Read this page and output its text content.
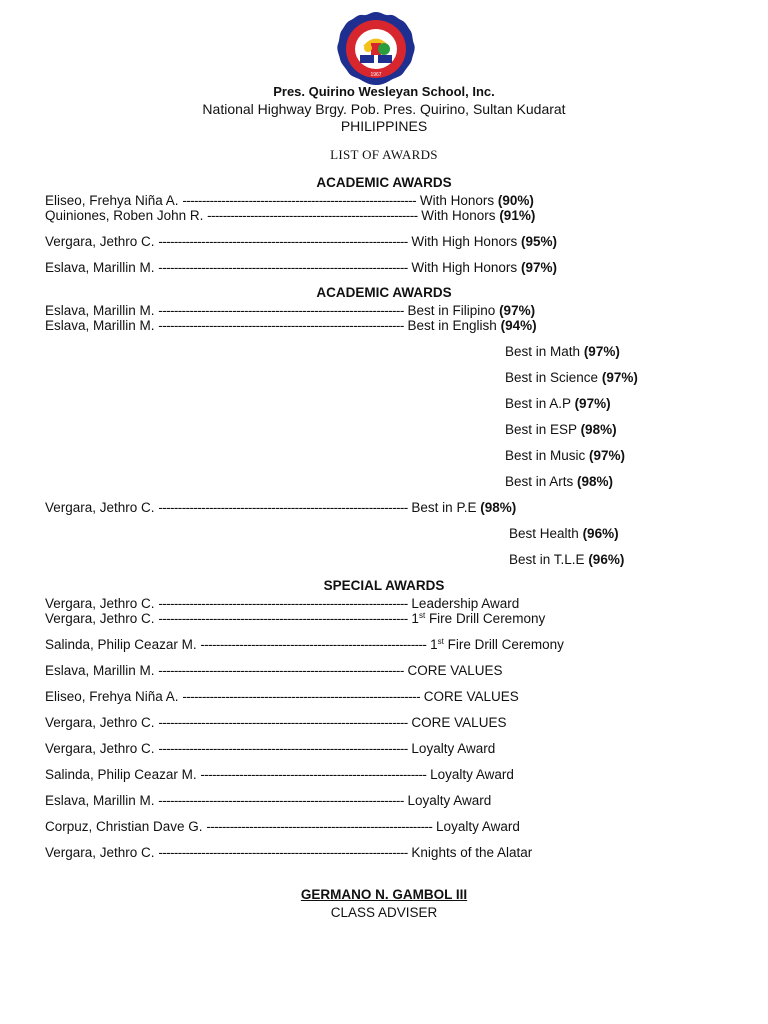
1967
Pres. Quirino Wesleyan School, Inc.
National Highway Brgy. Pob. Pres. Quirino, Sultan Kudarat
PHILIPPINES
LIST OF AWARDS
ACADEMIC AWARDS
ACADEMIC AWARDS
SPECIAL AWARDS
Eliseo, Frehya Niña A. ------------------------------------------------------------ With Honors (90%)
Quiniones, Roben John R. ------------------------------------------------------ With Honors (91%)
Vergara, Jethro C. ---------------------------------------------------------------- With High Honors (95%)
Eslava, Marillin M. ---------------------------------------------------------------- With High Honors (97%)
Eslava, Marillin M. --------------------------------------------------------------- Best in Filipino (97%)
Eslava, Marillin M. --------------------------------------------------------------- Best in English (94%)
Best in Math (97%)
Best in Science (97%)
Best in A.P (97%)
Best in ESP (98%)
Best in Music (97%)
Best in Arts (98%)
Vergara, Jethro C. ---------------------------------------------------------------- Best in P.E (98%)
Best Health (96%)
Best in T.L.E (96%)
Vergara, Jethro C. ---------------------------------------------------------------- Leadership Award
Vergara, Jethro C. ---------------------------------------------------------------- 1st Fire Drill Ceremony
Salinda, Philip Ceazar M. ---------------------------------------------------------- 1st Fire Drill Ceremony
Eslava, Marillin M. --------------------------------------------------------------- CORE VALUES
Eliseo, Frehya Niña A. ------------------------------------------------------------- CORE VALUES
Vergara, Jethro C. ---------------------------------------------------------------- CORE VALUES
Vergara, Jethro C. ---------------------------------------------------------------- Loyalty Award
Salinda, Philip Ceazar M. ---------------------------------------------------------- Loyalty Award
Eslava, Marillin M. --------------------------------------------------------------- Loyalty Award
Corpuz, Christian Dave G. ---------------------------------------------------------- Loyalty Award
Vergara, Jethro C. ---------------------------------------------------------------- Knights of the Alatar
GERMANO N. GAMBOL III
CLASS ADVISER
